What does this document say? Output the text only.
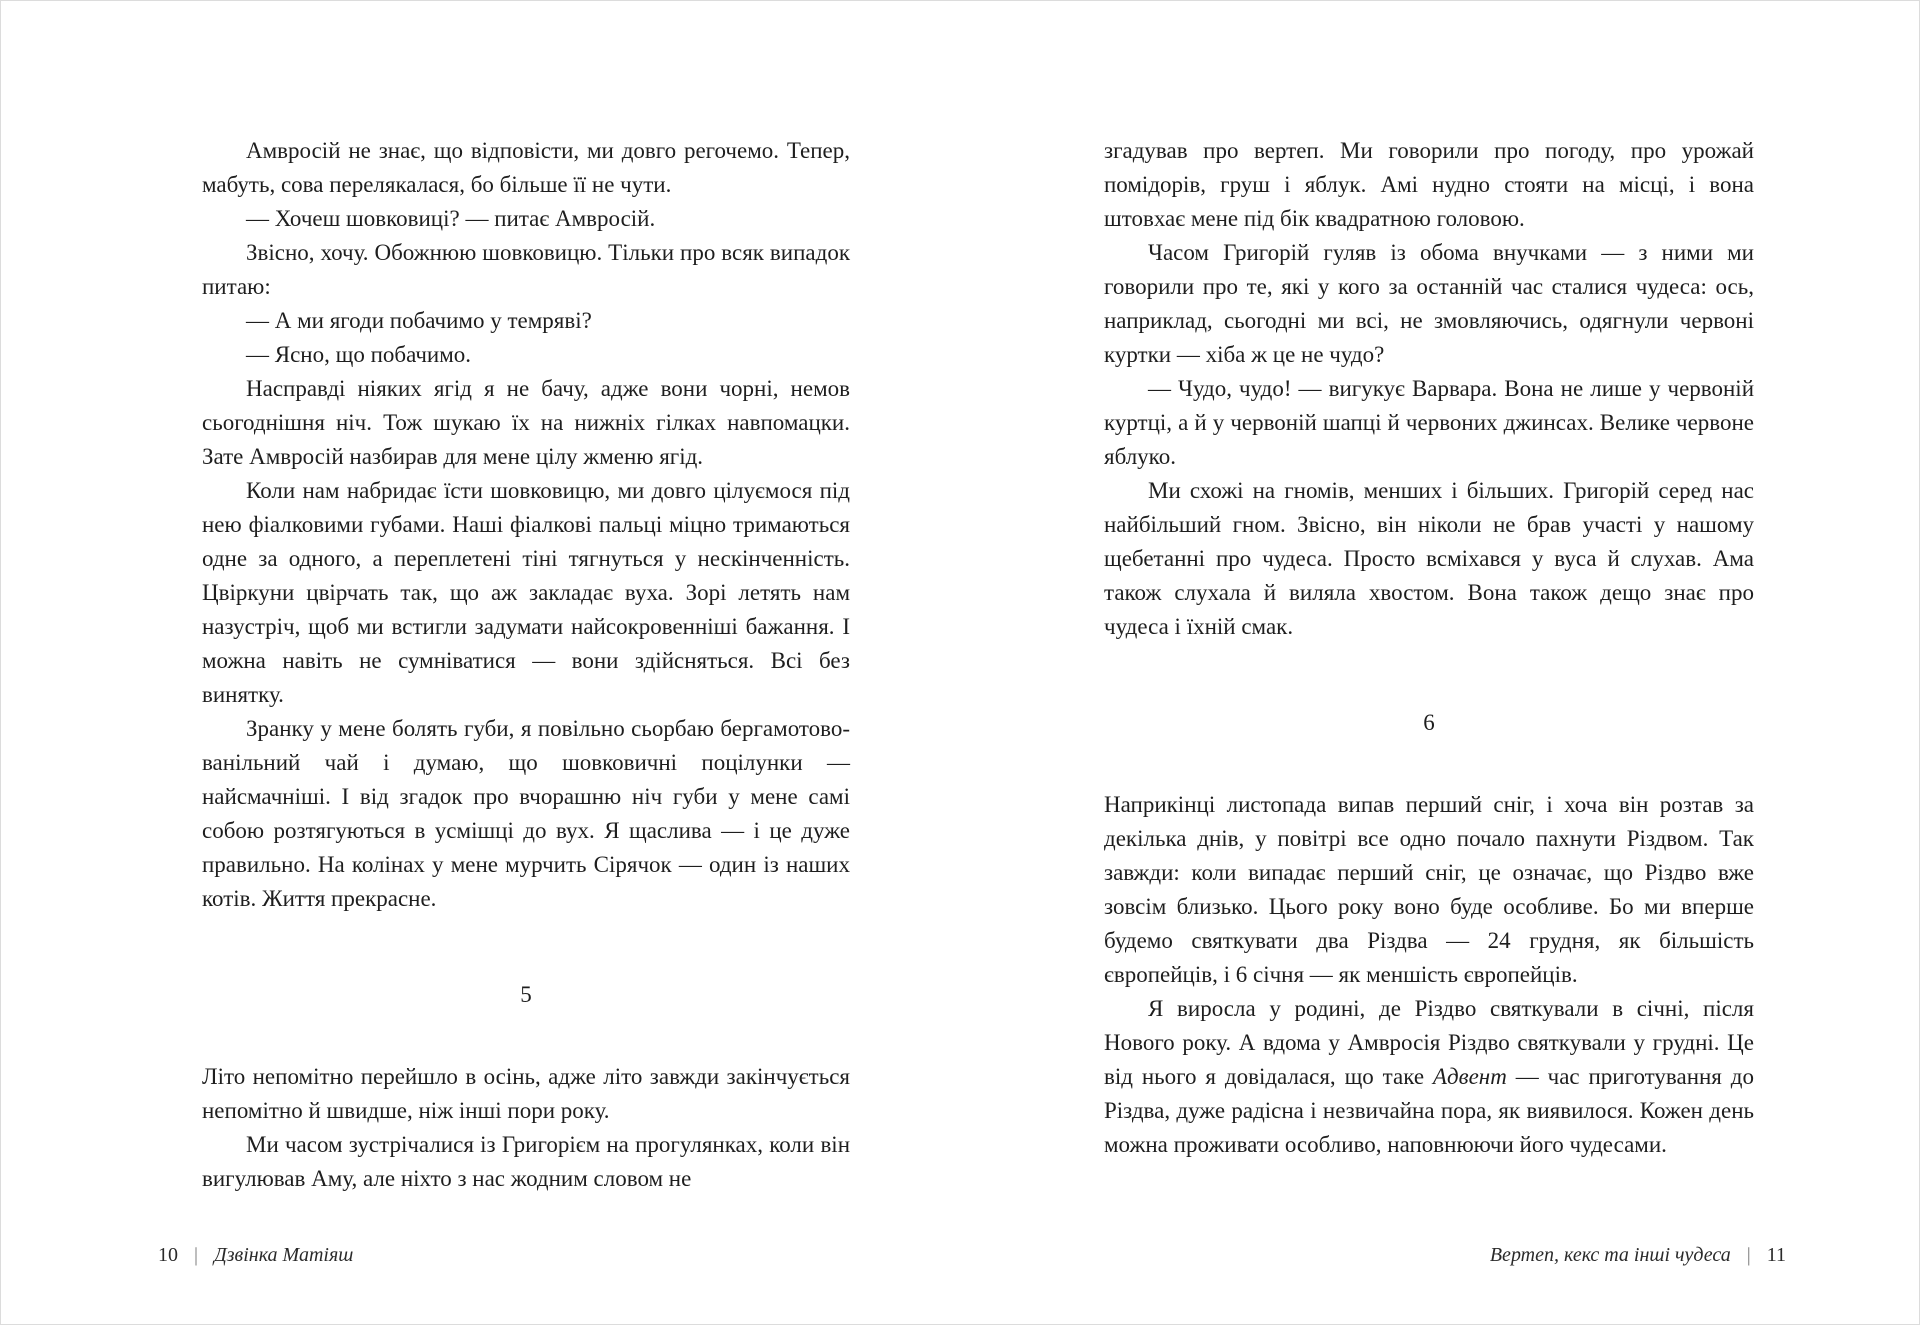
Амвросій не знає, що відповісти, ми довго регочемо. Тепер, мабуть, сова перелякалася, бо більше її не чути.

— Хочеш шовковиці? — питає Амвросій.

Звісно, хочу. Обожнюю шовковицю. Тільки про всяк випадок питаю:

— А ми ягоди побачимо у темряві?

— Ясно, що побачимо.

Насправді ніяких ягід я не бачу, адже вони чорні, немов сьогоднішня ніч. Тож шукаю їх на нижніх гілках навпомацки. Зате Амвросій назбирав для мене цілу жменю ягід.

Коли нам набридає їсти шовковицю, ми довго цілуємося під нею фіалковими губами. Наші фіалкові пальці міцно тримаються одне за одного, а переплетені тіні тягнуться у нескінченність. Цвіркуни цвірчать так, що аж закладає вуха. Зорі летять нам назустріч, щоб ми встигли задумати найсокровенніші бажання. І можна навіть не сумніватися — вони здійсняться. Всі без винятку.

Зранку у мене болять губи, я повільно сьорбаю бергамотово-ванільний чай і думаю, що шовковичні поцілунки — найсмачніші. І від згадок про вчорашню ніч губи у мене самі собою розтягуються в усмішці до вух. Я щаслива — і це дуже правильно. На колінах у мене мурчить Сірячок — один із наших котів. Життя прекрасне.

5

Літо непомітно перейшло в осінь, адже літо завжди закінчується непомітно й швидше, ніж інші пори року.

Ми часом зустрічалися із Григорієм на прогулянках, коли він вигулював Аму, але ніхто з нас жодним словом не

згадував про вертеп. Ми говорили про погоду, про урожай помідорів, груш і яблук. Амі нудно стояти на місці, і вона штовхає мене під бік квадратною головою.

Часом Григорій гуляв із обома внучками — з ними ми говорили про те, які у кого за останній час сталися чудеса: ось, наприклад, сьогодні ми всі, не змовляючись, одягнули червоні куртки — хіба ж це не чудо?

— Чудо, чудо! — вигукує Варвара. Вона не лише у червоній куртці, а й у червоній шапці й червоних джинсах. Велике червоне яблуко.

Ми схожі на гномів, менших і більших. Григорій серед нас найбільший гном. Звісно, він ніколи не брав участі у нашому щебетанні про чудеса. Просто всміхався у вуса й слухав. Ама також слухала й виляла хвостом. Вона також дещо знає про чудеса і їхній смак.

6

Наприкінці листопада випав перший сніг, і хоча він розтав за декілька днів, у повітрі все одно почало пахнути Різдвом. Так завжди: коли випадає перший сніг, це означає, що Різдво вже зовсім близько. Цього року воно буде особливе. Бо ми вперше будемо святкувати два Різдва — 24 грудня, як більшість європейців, і 6 січня — як меншість європейців.

Я виросла у родині, де Різдво святкували в січні, після Нового року. А вдома у Амвросія Різдво святкували у грудні. Це від нього я довідалася, що таке Адвент — час приготування до Різдва, дуже радісна і незвичайна пора, як виявилося. Кожен день можна проживати особливо, наповнюючи його чудесами.

10 | Дзвінка Матіяш	Вертеп, кекс та інші чудеса | 11
